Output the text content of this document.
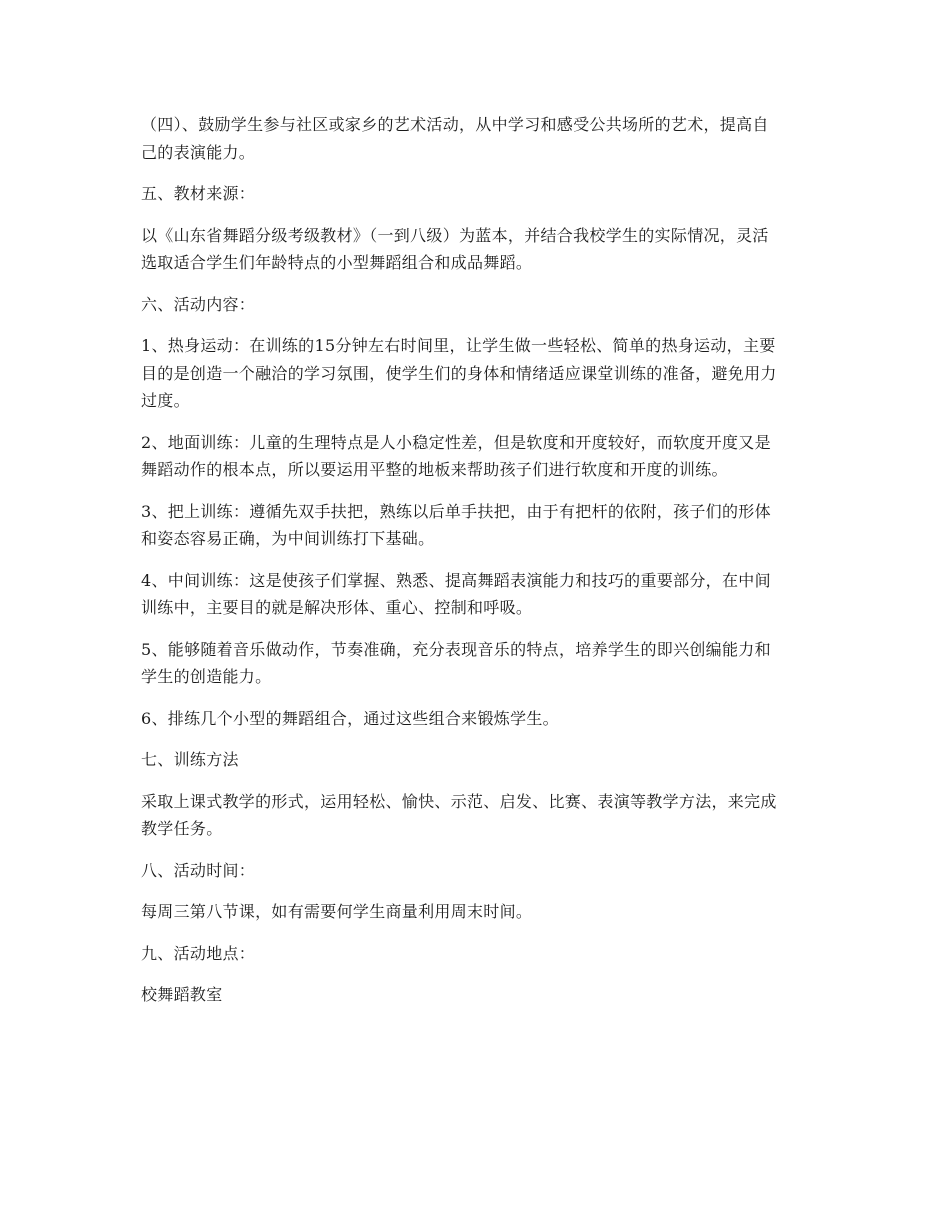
（四）、鼓励学生参与社区或家乡的艺术活动，从中学习和感受公共场所的艺术，提高自
己的表演能力。

五、教材来源：

以《山东省舞蹈分级考级教材》（一到八级）为蓝本，并结合我校学生的实际情况，灵活
选取适合学生们年龄特点的小型舞蹈组合和成品舞蹈。

六、活动内容：

1、热身运动：在训练的15分钟左右时间里，让学生做一些轻松、简单的热身运动，主要
目的是创造一个融洽的学习氛围，使学生们的身体和情绪适应课堂训练的准备，避免用力
过度。

2、地面训练：儿童的生理特点是人小稳定性差，但是软度和开度较好，而软度开度又是
舞蹈动作的根本点，所以要运用平整的地板来帮助孩子们进行软度和开度的训练。

3、把上训练：遵循先双手扶把，熟练以后单手扶把，由于有把杆的依附，孩子们的形体
和姿态容易正确，为中间训练打下基础。

4、中间训练：这是使孩子们掌握、熟悉、提高舞蹈表演能力和技巧的重要部分，在中间
训练中，主要目的就是解决形体、重心、控制和呼吸。

5、能够随着音乐做动作，节奏准确，充分表现音乐的特点，培养学生的即兴创编能力和
学生的创造能力。

6、排练几个小型的舞蹈组合，通过这些组合来锻炼学生。

七、训练方法

采取上课式教学的形式，运用轻松、愉快、示范、启发、比赛、表演等教学方法，来完成
教学任务。

八、活动时间：

每周三第八节课，如有需要何学生商量利用周末时间。

九、活动地点：

校舞蹈教室
